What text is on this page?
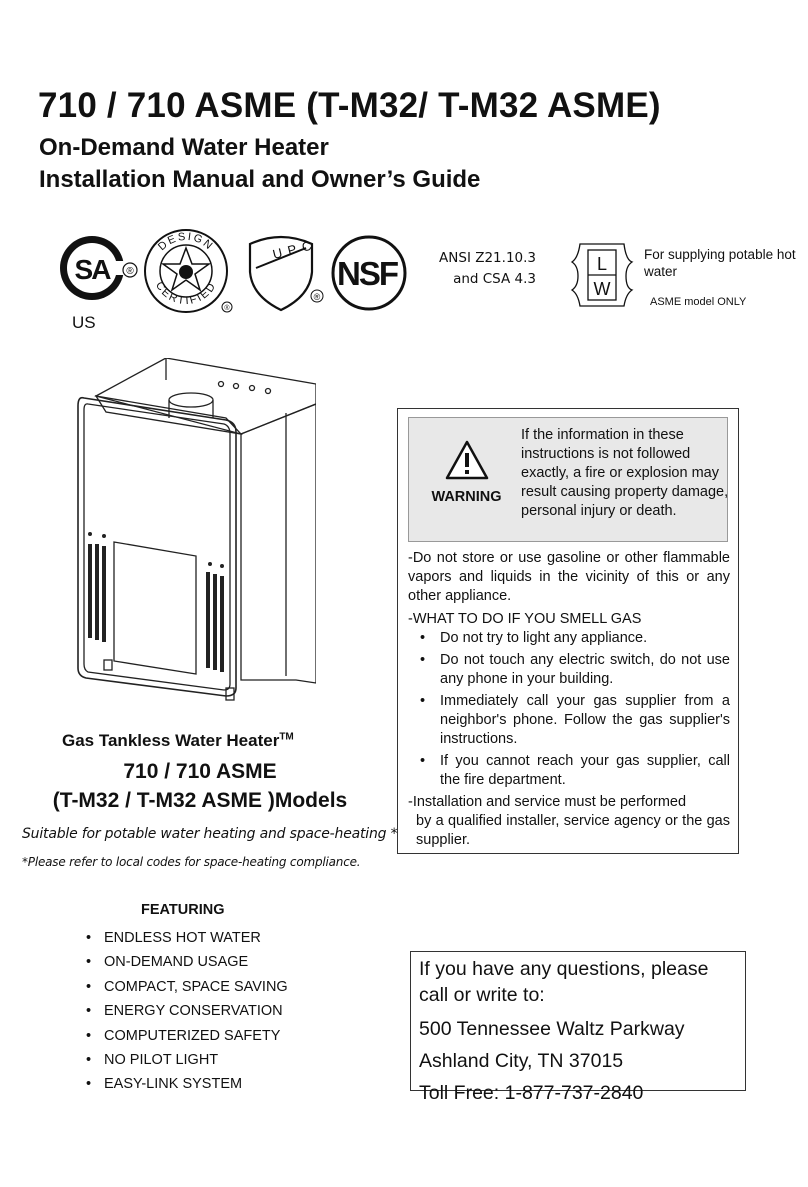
710 / 710 ASME (T-M32/ T-M32 ASME)
On-Demand Water Heater
Installation Manual and Owner’s Guide
SA ®
US
DESIGN
CERTIFIED
®
UPC
®
NSF	ANSI Z21.10.3
and CSA 4.3
L
W
For supplying potable hot water
ASME model ONLY
Gas Tankless Water Heater™
710 / 710 ASME
(T-M32 / T-M32 ASME )Models
Suitable for potable water heating and space-heating *
*Please refer to local codes for space-heating compliance.
FEATURING
• ENDLESS HOT WATER
• ON-DEMAND USAGE
• COMPACT, SPACE SAVING
• ENERGY CONSERVATION
• COMPUTERIZED SAFETY
• NO PILOT LIGHT
• EASY-LINK SYSTEM
WARNING
If the information in these instructions is not followed exactly, a fire or explosion may result causing property damage, personal injury or death.

-Do not store or use gasoline or other flammable vapors and liquids in the vicinity of this or any other appliance.

-WHAT TO DO IF YOU SMELL GAS

• Do not try to light any appliance.
• Do not touch any electric switch, do not use any phone in your building.
• Immediately call your gas supplier from a neighbor's phone. Follow the gas supplier's instructions.
• If you cannot reach your gas supplier, call the fire department.

-Installation and service must be performed

by a qualified installer, service agency or the gas supplier.

If you have any questions, please
call or write to:
500 Tennessee Waltz Parkway
Ashland City, TN 37015
Toll Free: 1-877-737-2840
